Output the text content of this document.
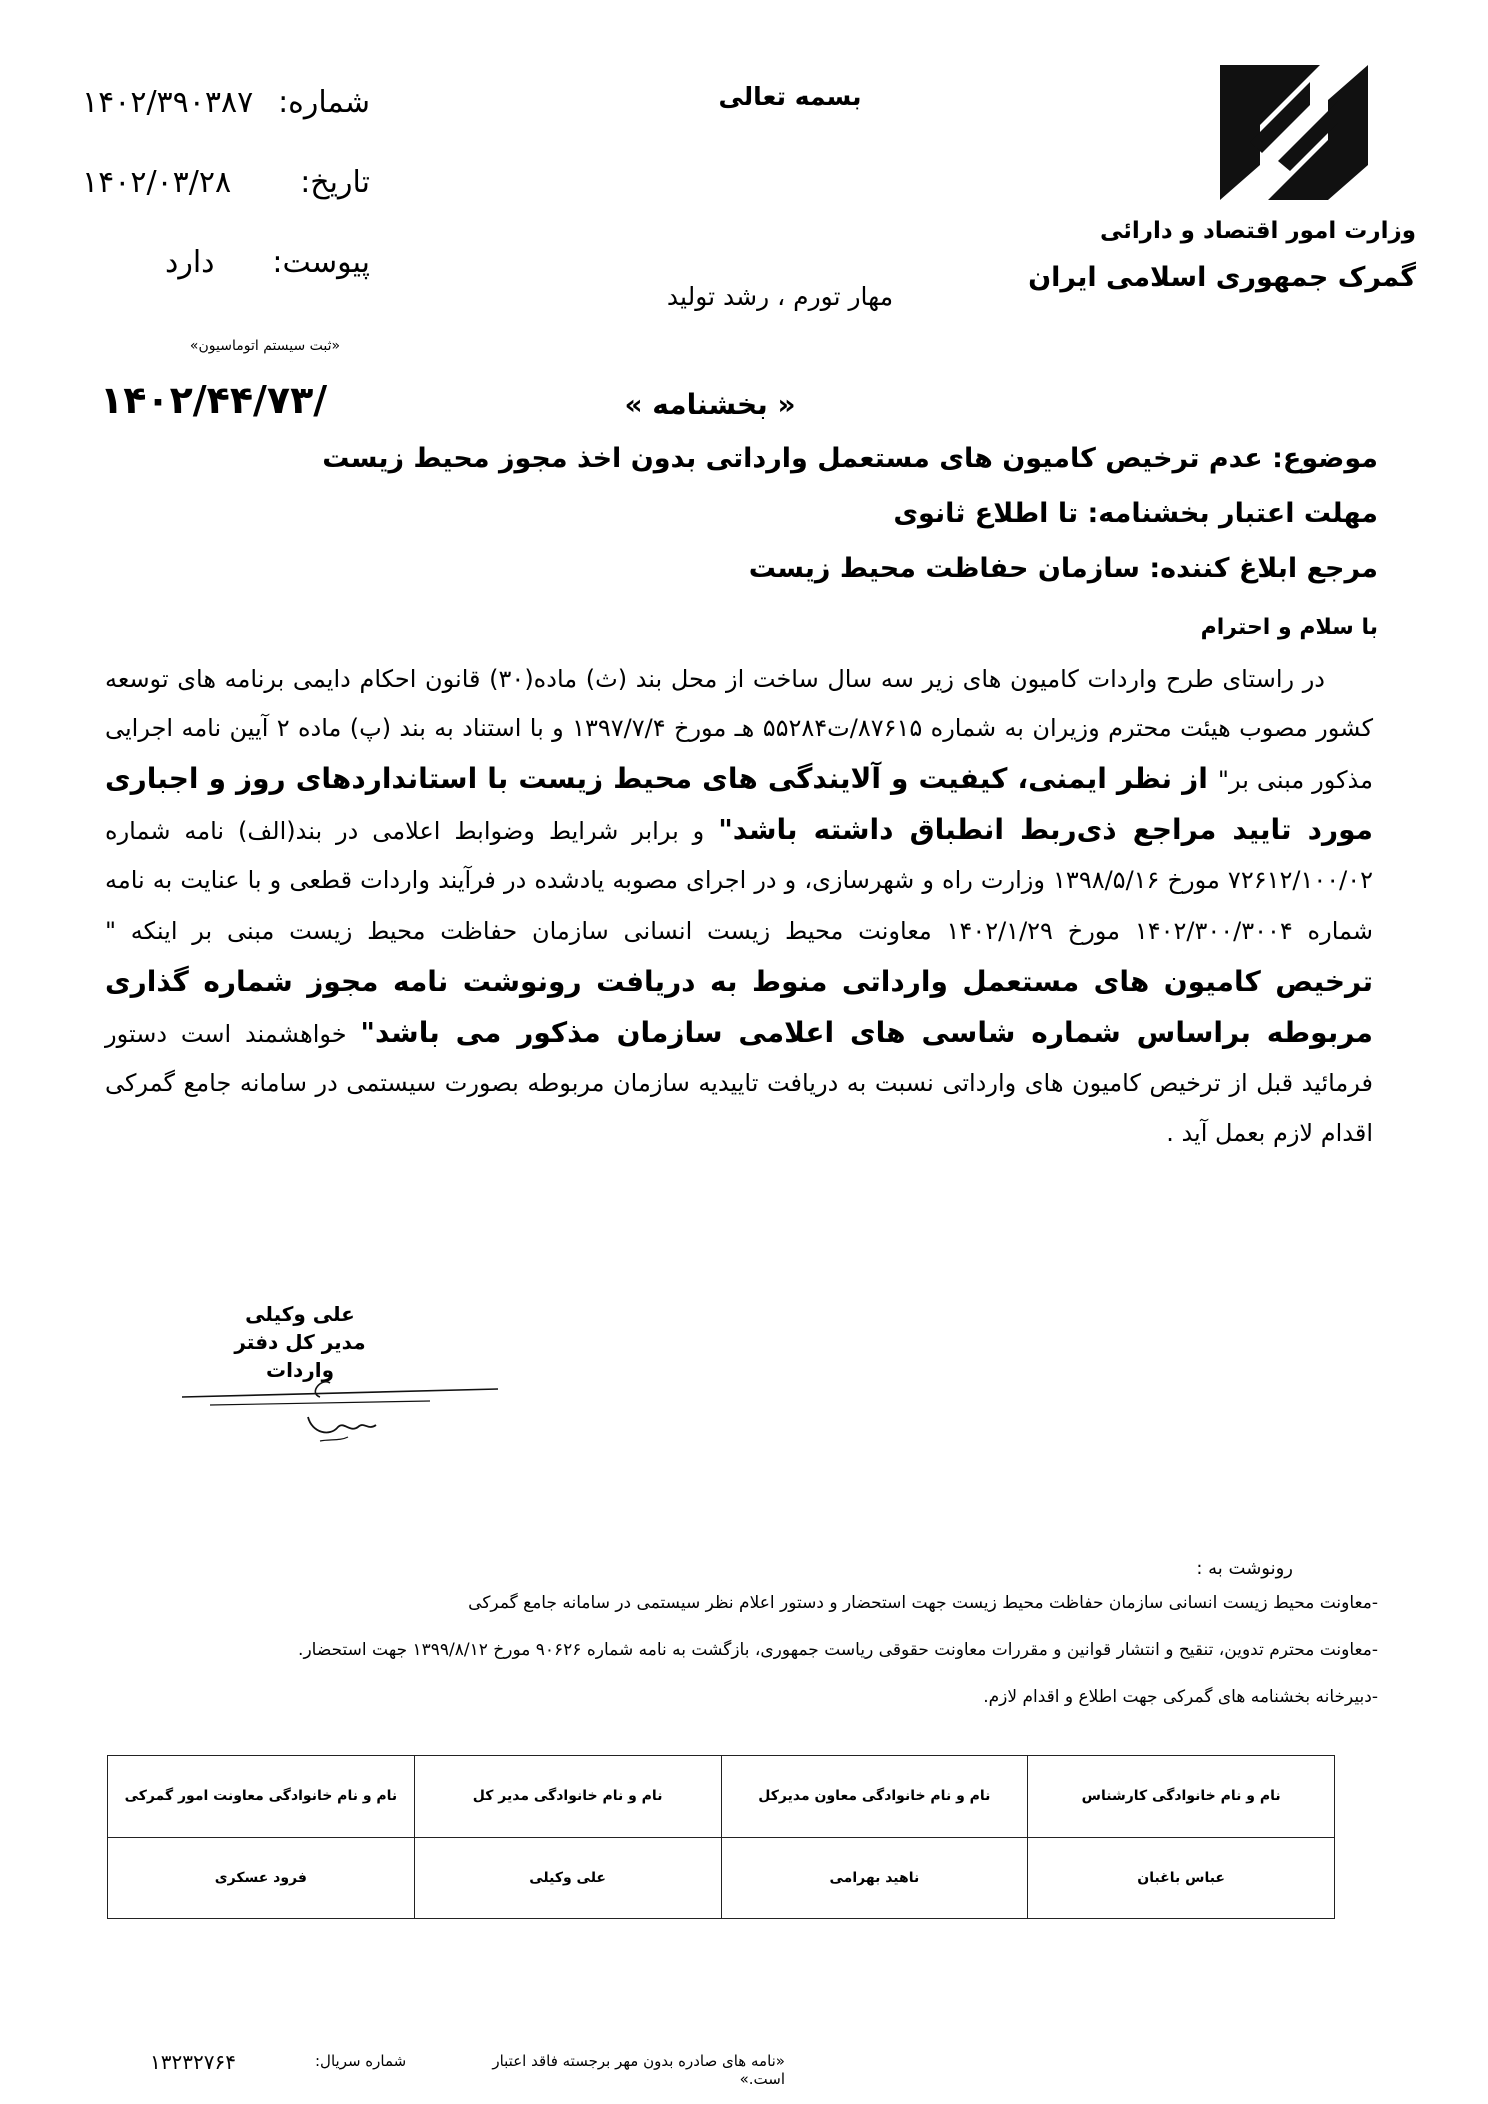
وزارت امور اقتصاد و دارائی
گمرک جمهوری اسلامی ایران
بسمه تعالی
مهار تورم ، رشد تولید
شماره:
۱۴۰۲/۳۹۰۳۸۷
تاریخ:
۱۴۰۲/۰۳/۲۸
پیوست:
دارد
«ثبت سیستم اتوماسیون»
۱۴۰۲/۴۴/۷۳/	« بخشنامه »
موضوع: عدم ترخیص کامیون های مستعمل وارداتی بدون اخذ مجوز محیط زیست
مهلت اعتبار بخشنامه: تا اطلاع ثانوی
مرجع ابلاغ کننده: سازمان حفاظت محیط زیست
با سلام و احترام
  در راستای طرح واردات کامیون های زیر سه سال ساخت از محل بند (ث) ماده(۳۰) قانون احکام دایمی برنامه های توسعه کشور مصوب هیئت محترم وزیران به شماره ۸۷۶۱۵/ت۵۵۲۸۴ هـ مورخ ۱۳۹۷/۷/۴ و با استناد به بند (پ) ماده ۲ آیین نامه اجرایی مذکور مبنی بر" از نظر ایمنی، کیفیت و آلایندگی های محیط زیست با استانداردهای روز و اجباری مورد تایید مراجع ذی‌ربط انطباق داشته باشد" و برابر شرایط وضوابط اعلامی در بند(الف) نامه شماره ۷۲۶۱۲/۱۰۰/۰۲ مورخ ۱۳۹۸/۵/۱۶ وزارت راه و شهرسازی، و در اجرای مصوبه یادشده در فرآیند واردات قطعی و با عنایت به نامه شماره ۱۴۰۲/۳۰۰/۳۰۰۴ مورخ ۱۴۰۲/۱/۲۹ معاونت محیط زیست انسانی سازمان حفاظت محیط زیست مبنی بر اینکه " ترخیص کامیون های مستعمل وارداتی منوط به دریافت رونوشت نامه مجوز شماره گذاری مربوطه براساس شماره شاسی های اعلامی سازمان مذکور می باشد" خواهشمند است دستور فرمائید قبل از ترخیص کامیون های وارداتی نسبت به دریافت تاییدیه سازمان مربوطه بصورت سیستمی در سامانه جامع گمرکی اقدام لازم بعمل آید .
علی وکیلی
مدیر کل دفتر واردات
رونوشت به :
-معاونت محیط زیست انسانی سازمان حفاظت محیط زیست جهت استحضار و دستور اعلام نظر سیستمی در سامانه جامع گمرکی
-معاونت محترم تدوین، تنقیح و انتشار قوانین و مقررات معاونت حقوقی ریاست جمهوری، بازگشت به نامه شماره ۹۰۶۲۶ مورخ ۱۳۹۹/۸/۱۲ جهت استحضار.
-دبیرخانه بخشنامه های گمرکی جهت اطلاع و اقدام لازم.
نام و نام خانوادگی کارشناس	نام و نام خانوادگی معاون مدیرکل	نام و نام خانوادگی مدیر کل	نام و نام خانوادگی معاونت امور گمرکی
عباس باغبان	ناهید بهرامی	علی وکیلی	فرود عسکری
۱۳۲۳۲۷۶۴	شماره سریال:	«نامه های صادره بدون مهر برجسته فاقد اعتبار است.»
